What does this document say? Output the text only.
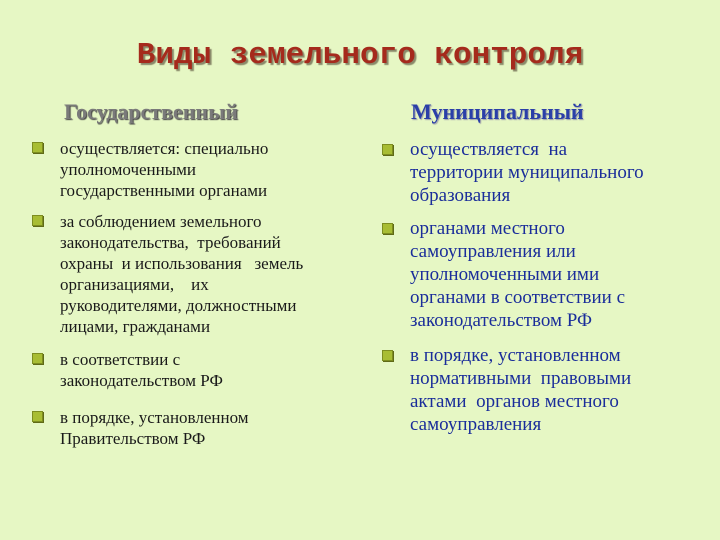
Виды земельного контроля
Государственный	Муниципальный
осуществляется: специально
уполномоченными
государственными органами
за соблюдением земельного
законодательства,  требований
охраны  и использования   земель
организациями,    их
руководителями, должностными
лицами, гражданами
в соответствии с
законодательством РФ
в порядке, установленном
Правительством РФ
осуществляется  на
территории муниципального
образования
органами местного
самоуправления или
уполномоченными ими
органами в соответствии с
законодательством РФ
в порядке, установленном
нормативными  правовыми
актами  органов местного
самоуправления
